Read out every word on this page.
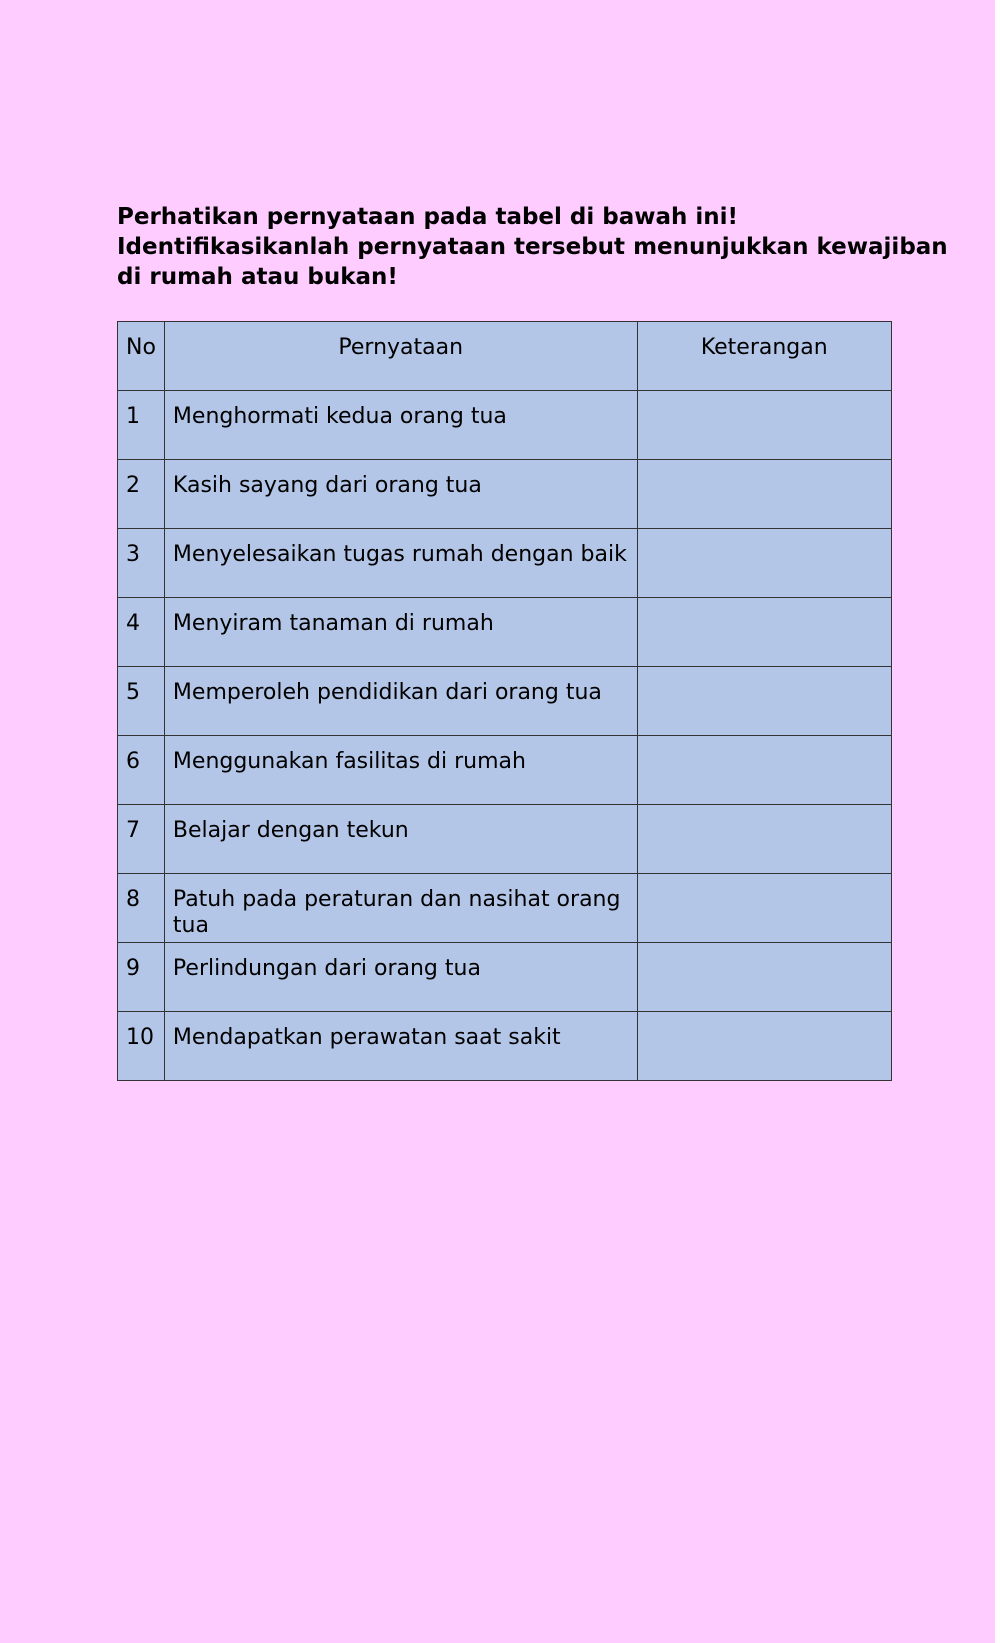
Perhatikan pernyataan pada tabel di bawah ini!
Identifikasikanlah pernyataan tersebut menunjukkan kewajiban
di rumah atau bukan!
No	Pernyataan	Keterangan
1	Menghormati kedua orang tua	
2	Kasih sayang dari orang tua	
3	Menyelesaikan tugas rumah dengan baik	
4	Menyiram tanaman di rumah	
5	Memperoleh pendidikan dari orang tua	
6	Menggunakan fasilitas di rumah	
7	Belajar dengan tekun	
8	Patuh pada peraturan dan nasihat orang tua	
9	Perlindungan dari orang tua	
10	Mendapatkan perawatan saat sakit	
